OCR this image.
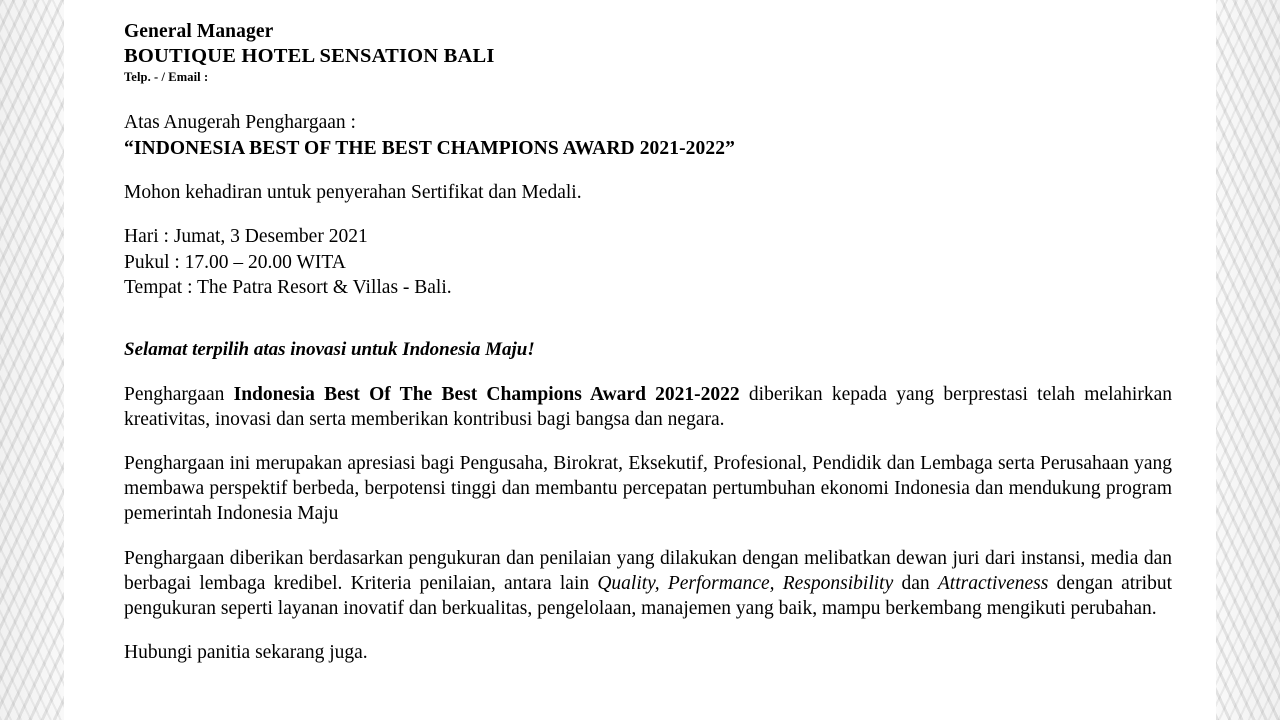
General Manager
BOUTIQUE HOTEL SENSATION BALI
Telp. - / Email :
Atas Anugerah Penghargaan :
“INDONESIA BEST OF THE BEST CHAMPIONS AWARD 2021-2022”
Mohon kehadiran untuk penyerahan Sertifikat dan Medali.
Hari : Jumat, 3 Desember 2021
Pukul : 17.00 – 20.00 WITA
Tempat : The Patra Resort & Villas - Bali.
Selamat terpilih atas inovasi untuk Indonesia Maju!

Penghargaan Indonesia Best Of The Best Champions Award 2021-2022 diberikan kepada yang berprestasi telah melahirkan kreativitas, inovasi dan serta memberikan kontribusi bagi bangsa dan negara.

Penghargaan ini merupakan apresiasi bagi Pengusaha, Birokrat, Eksekutif, Profesional, Pendidik dan Lembaga serta Perusahaan yang membawa perspektif berbeda, berpotensi tinggi dan membantu percepatan pertumbuhan ekonomi Indonesia dan mendukung program pemerintah Indonesia Maju

Penghargaan diberikan berdasarkan pengukuran dan penilaian yang dilakukan dengan melibatkan dewan juri dari instansi, media dan berbagai lembaga kredibel. Kriteria penilaian, antara lain Quality, Performance, Responsibility dan Attractiveness dengan atribut pengukuran seperti layanan inovatif dan berkualitas, pengelolaan, manajemen yang baik, mampu berkembang mengikuti perubahan.

Hubungi panitia sekarang juga.
